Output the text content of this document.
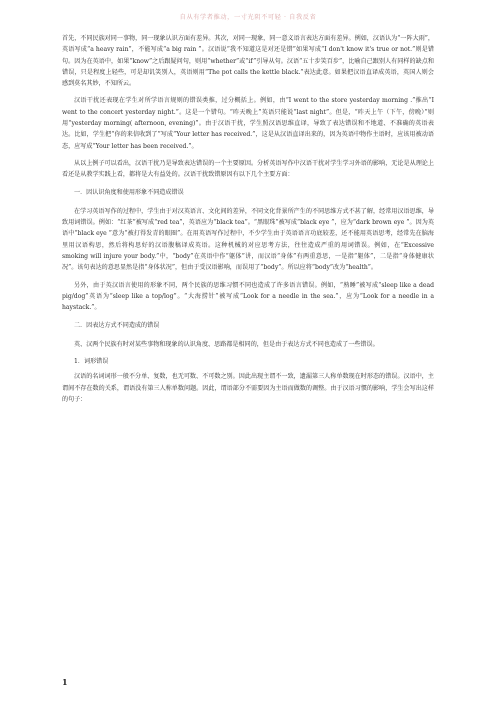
自从有学者推动，一寸光阴不可轻 · 自我反省

首先，不同民族对同一事物，同一现象认识方面有差异。其次，对同一现象，同一意义语言表达方面有差异。例如，汉语认为“一阵大雨”，英语写成“a heavy rain”，不能写成“a big rain ”。汉语说“我不知道这是对还是错”如果写成“I don't know it's true or not.”则是错句。因为在英语中，如果“know”之后跟疑问句，则用“whether”或“if”引导从句。汉语“五十步笑百步”，比喻自己跟别人有同样的缺点和错误，只是程度上轻些，可是却讥笑别人，英语则用“The pot calls the kettle black.”表达此意。如果把汉语直译成英语，英国人则会感到莫名其妙，不知所云。

汉语干扰还表现在学生对所学语言规则的错误类推，过分概括上。例如，由“I went to the store yesterday morning .”推出“I went to the concert yesterday night.”。这是一个错句。“昨天晚上”英语只能说“last night”。但是，“昨天上午（下午，傍晚）”则用“yesterday morning( afternoon, evening)”。由于汉语干扰，学生照汉语思维直译，导致了表达错误和不地道、不准确的英语表达。比如，学生把“你的来信收到了”写成“Your letter has received.”，这是从汉语直译出来的，因为英语中物作主语时，应该用被动语态，应写成“Your letter has been received.”。

从以上例子可以看出，汉语干扰乃是导致表达错误的一个主要原因。分析英语写作中汉语干扰对学生学习外语的影响，无论是从理论上看还是从教学实践上看，都将是大有益处的。汉语干扰致错原因有以下几个主要方面：

一．因认识角度和使用形象不同造成错误

在学习英语写作的过程中，学生由于对汉英语言、文化间的差异，不同文化背景所产生的不同思维方式不甚了解，经常用汉语思维，导致用词错误。例如：“红茶”被写成“red tea”，英语应为“black tea”。“黑眼珠”被写成“black eye ”，应为“dark brown eye ”。因为英语中“black eye ”意为“被打得发青的眼圈”。在用英语写作过程中，不少学生由于英语语言功底较差，还不能用英语思考，经常先在脑海里用汉语构思，然后将构思好的汉语腹稿译成英语。这种机械的对应思考方法，往往造成严重的用词错误。例如，在“Excessive smoking will injure your body.”中，“body”在英语中作“躯体”讲，而汉语“身体”有两重意思，一是指“躯体”，二是指“身体健康状况”。该句表达的意思显然是指“身体状况”，但由于受汉语影响，而误用了“body”。所以应将“body”改为“health”。

另外，由于英汉语言使用的形象不同，两个民族的思维习惯不同也造成了许多语言错误。例如，“熟睡”被写成“sleep like a dead pig/dog”英语为“sleep like a top/log”。“大海捞针”被写成“Look for a needle in the sea.”，应为“Look for a needle in a haystack.”。

二．因表达方式不同造成的错误

英、汉两个民族有时对某些事物和现象的认识角度、思路都是相同的，但是由于表达方式不同也造成了一些错误。

1．词形错误

汉语的名词词形一般不分单、复数，也无可数、不可数之别。因此出现主谓不一致，遗漏第三人称单数现在时形态的错误。汉语中，主谓间不存在数的关系，谓语没有第三人称单数问题。因此，谓语部分不需要因为主语而做数的调整。由于汉语习惯的影响，学生会写出这样的句子：

1
